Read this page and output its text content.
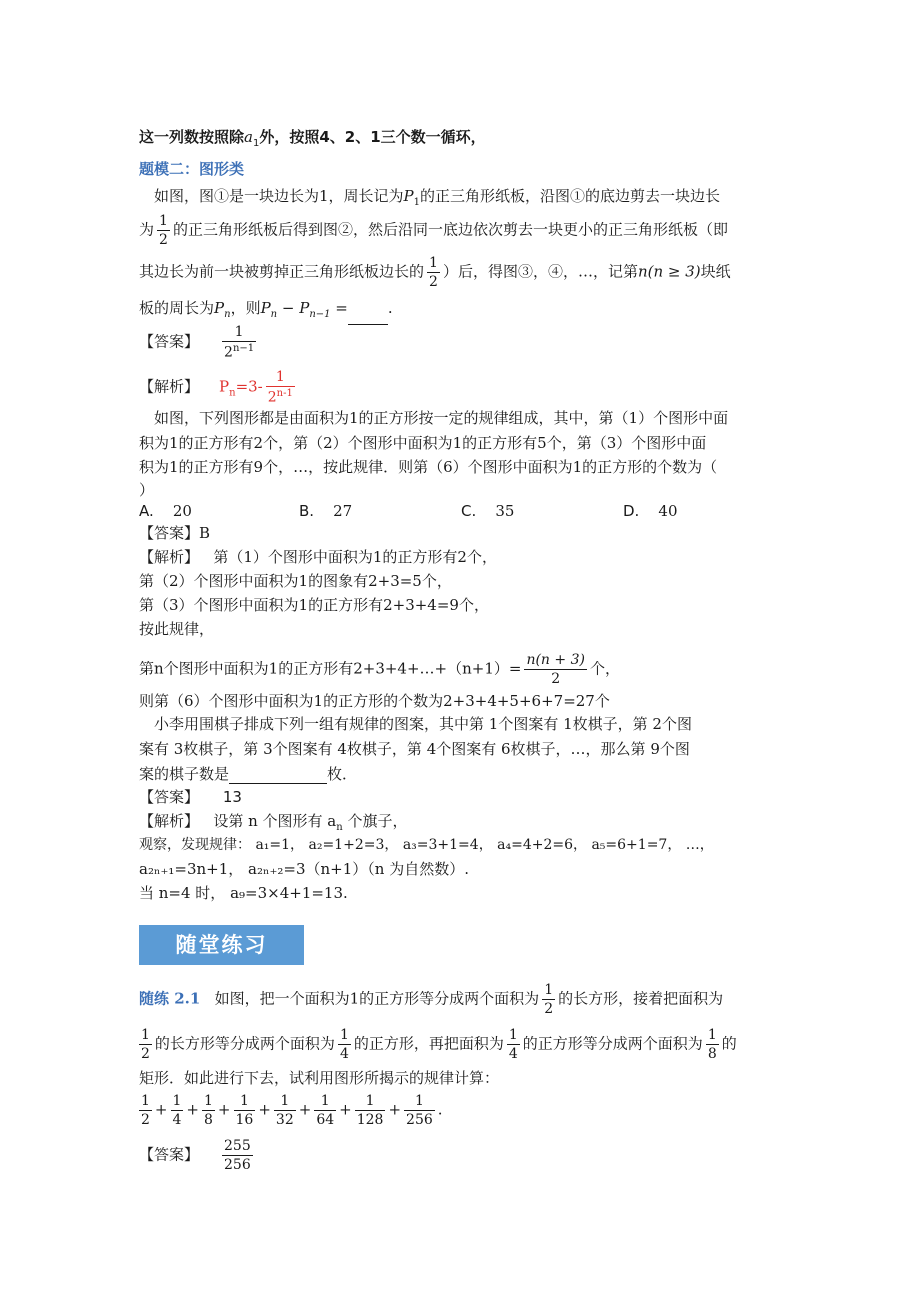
这一列数按照除$a_1$外，按照4、2、1三个数一循环，
题模二：图形类
如图，图①是一块边长为1，周长记为$P_1$的正三角形纸板，沿图①的底边剪去一块边长
为 $\frac{1}{2}$ 的正三角形纸板后得到图②，然后沿同一底边依次剪去一块更小的正三角形纸板（即
其边长为前一块被剪掉正三角形纸板边长的 $\frac{1}{2}$ ）后，得图③，④，…，记第n(n ≥ 3)块纸
板的周长为$P_n$，则$P_n - P_{n-1}$ =	.
【答案】 $\frac{1}{2^{n-1}}$
【解析】 $P_n=3- \frac{1}{2^{n-1}}$
如图，下列图形都是由面积为1的正方形按一定的规律组成，其中，第（1）个图形中面
积为1的正方形有2个，第（2）个图形中面积为1的正方形有5个，第（3）个图形中面
积为1的正方形有9个，…，按此规律．则第（6）个图形中面积为1的正方形的个数为（
）
A. 20	B. 27	C. 35	D. 40
【答案】B
【解析】 第（1）个图形中面积为1的正方形有2个，
第（2）个图形中面积为1的图象有2+3=5个，
第（3）个图形中面积为1的正方形有2+3+4=9个，
按此规律，
第n个图形中面积为1的正方形有2+3+4+…+（n+1）= $\frac{n(n + 3)}{2}$ 个，
则第（6）个图形中面积为1的正方形的个数为2+3+4+5+6+7=27个
小李用围棋子排成下列一组有规律的图案，其中第 1个图案有 1枚棋子，第 2个图
案有 3枚棋子，第 3个图案有 4枚棋子，第 4个图案有 6枚棋子，…，那么第 9个图
案的棋子数是	枚．
【答案】 13
【解析】 设第 n 个图形有 $a_n$ 个旗子，
观察，发现规律： a₁=1， a₂=1+2=3， a₃=3+1=4， a₄=4+2=6， a₅=6+1=7， …，
a₂ₙ₊₁=3n+1， a₂ₙ₊₂=3（n+1）（n 为自然数）.
当 n=4 时， a₉=3×4+1=13.
随堂练习
随练 2.1 如图，把一个面积为1的正方形等分成两个面积为 $\frac{1}{2}$ 的长方形，接着把面积为
$\frac{1}{2}$ 的长方形等分成两个面积为 $\frac{1}{4}$ 的正方形，再把面积为 $\frac{1}{4}$ 的正方形等分成两个面积为 $\frac{1}{8}$ 的
矩形．如此进行下去，试利用图形所揭示的规律计算：
$\frac{1}{2} + \frac{1}{4} + \frac{1}{8} + \frac{1}{16} + \frac{1}{32} + \frac{1}{64} + \frac{1}{128} + \frac{1}{256}$ .
【答案】 $\frac{255}{256}$
